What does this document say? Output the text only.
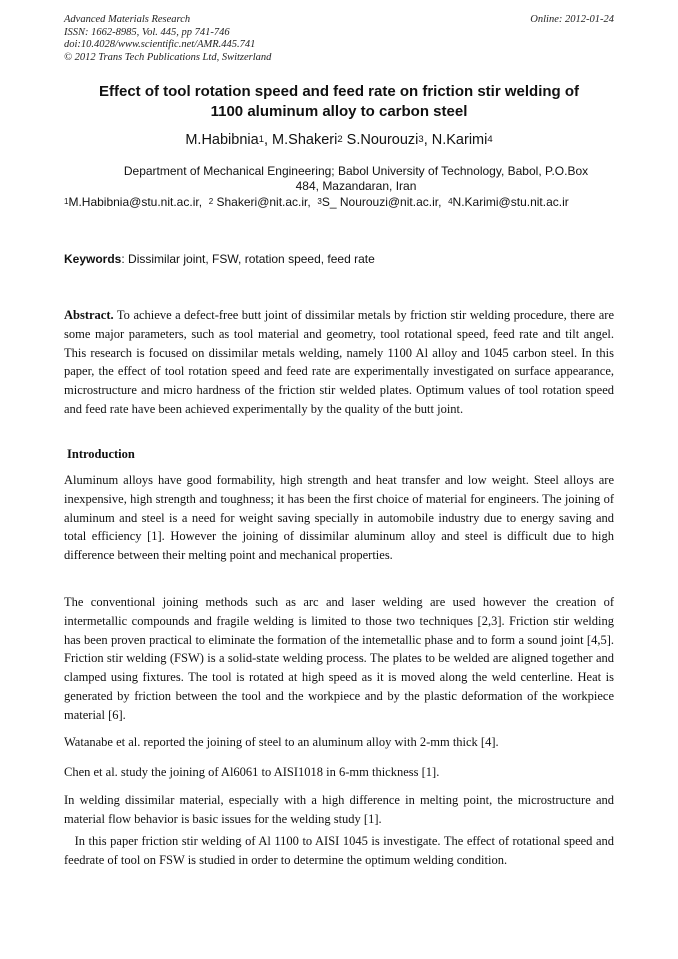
Advanced Materials Research
ISSN: 1662-8985, Vol. 445, pp 741-746
doi:10.4028/www.scientific.net/AMR.445.741
© 2012 Trans Tech Publications Ltd, Switzerland
Online: 2012-01-24
Effect of tool rotation speed and feed rate on friction stir welding of
1100 aluminum alloy to carbon steel
M.Habibnia$^1$, M.Shakeri$^2$ S.Nourouzi$^3$, N.Karimi$^4$
Department of Mechanical Engineering; Babol University of Technology, Babol, P.O.Box
484, Mazandaran, Iran
$^1$M.Habibnia@stu.nit.ac.ir, $^2$ Shakeri@nit.ac.ir, $^3$S_ Nourouzi@nit.ac.ir, $^4$N.Karimi@stu.nit.ac.ir
Keywords: Dissimilar joint, FSW, rotation speed, feed rate
Abstract. To achieve a defect-free butt joint of dissimilar metals by friction stir welding procedure, there are some major parameters, such as tool material and geometry, tool rotational speed, feed rate and tilt angel. This research is focused on dissimilar metals welding, namely 1100 Al alloy and 1045 carbon steel. In this paper, the effect of tool rotation speed and feed rate are experimentally investigated on surface appearance, microstructure and micro hardness of the friction stir welded plates. Optimum values of tool rotation speed and feed rate have been achieved experimentally by the quality of the butt joint.
Introduction
Aluminum alloys have good formability, high strength and heat transfer and low weight. Steel alloys are inexpensive, high strength and toughness; it has been the first choice of material for engineers. The joining of aluminum and steel is a need for weight saving specially in automobile industry due to energy saving and total efficiency [1]. However the joining of dissimilar aluminum alloy and steel is difficult due to high difference between their melting point and mechanical properties.
The conventional joining methods such as arc and laser welding are used however the creation of intermetallic compounds and fragile welding is limited to those two techniques [2,3]. Friction stir welding has been proven practical to eliminate the formation of the intemetallic phase and to form a sound joint [4,5]. Friction stir welding (FSW) is a solid-state welding process. The plates to be welded are aligned together and clamped using fixtures. The tool is rotated at high speed as it is moved along the weld centerline. Heat is generated by friction between the tool and the workpiece and by the plastic deformation of the workpiece material [6].
Watanabe et al. reported the joining of steel to an aluminum alloy with 2-mm thick [4].
Chen et al. study the joining of Al6061 to AISI1018 in 6-mm thickness [1].
In welding dissimilar material, especially with a high difference in melting point, the microstructure and material flow behavior is basic issues for the welding study [1].
In this paper friction stir welding of Al 1100 to AISI 1045 is investigate. The effect of rotational speed and feedrate of tool on FSW is studied in order to determine the optimum welding condition.
